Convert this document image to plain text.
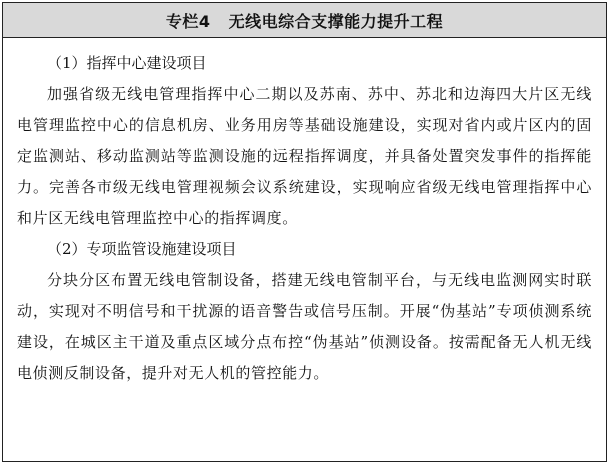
专栏4   无线电综合支撑能力提升工程

（1）指挥中心建设项目

加强省级无线电管理指挥中心二期以及苏南、苏中、苏北和边海四大片区无线电管理监控中心的信息机房、业务用房等基础设施建设，实现对省内或片区内的固定监测站、移动监测站等监测设施的远程指挥调度，并具备处置突发事件的指挥能力。完善各市级无线电管理视频会议系统建设，实现响应省级无线电管理指挥中心和片区无线电管理监控中心的指挥调度。

（2）专项监管设施建设项目

分块分区布置无线电管制设备，搭建无线电管制平台，与无线电监测网实时联动，实现对不明信号和干扰源的语音警告或信号压制。开展“伪基站”专项侦测系统建设，在城区主干道及重点区域分点布控“伪基站”侦测设备。按需配备无人机无线电侦测反制设备，提升对无人机的管控能力。
